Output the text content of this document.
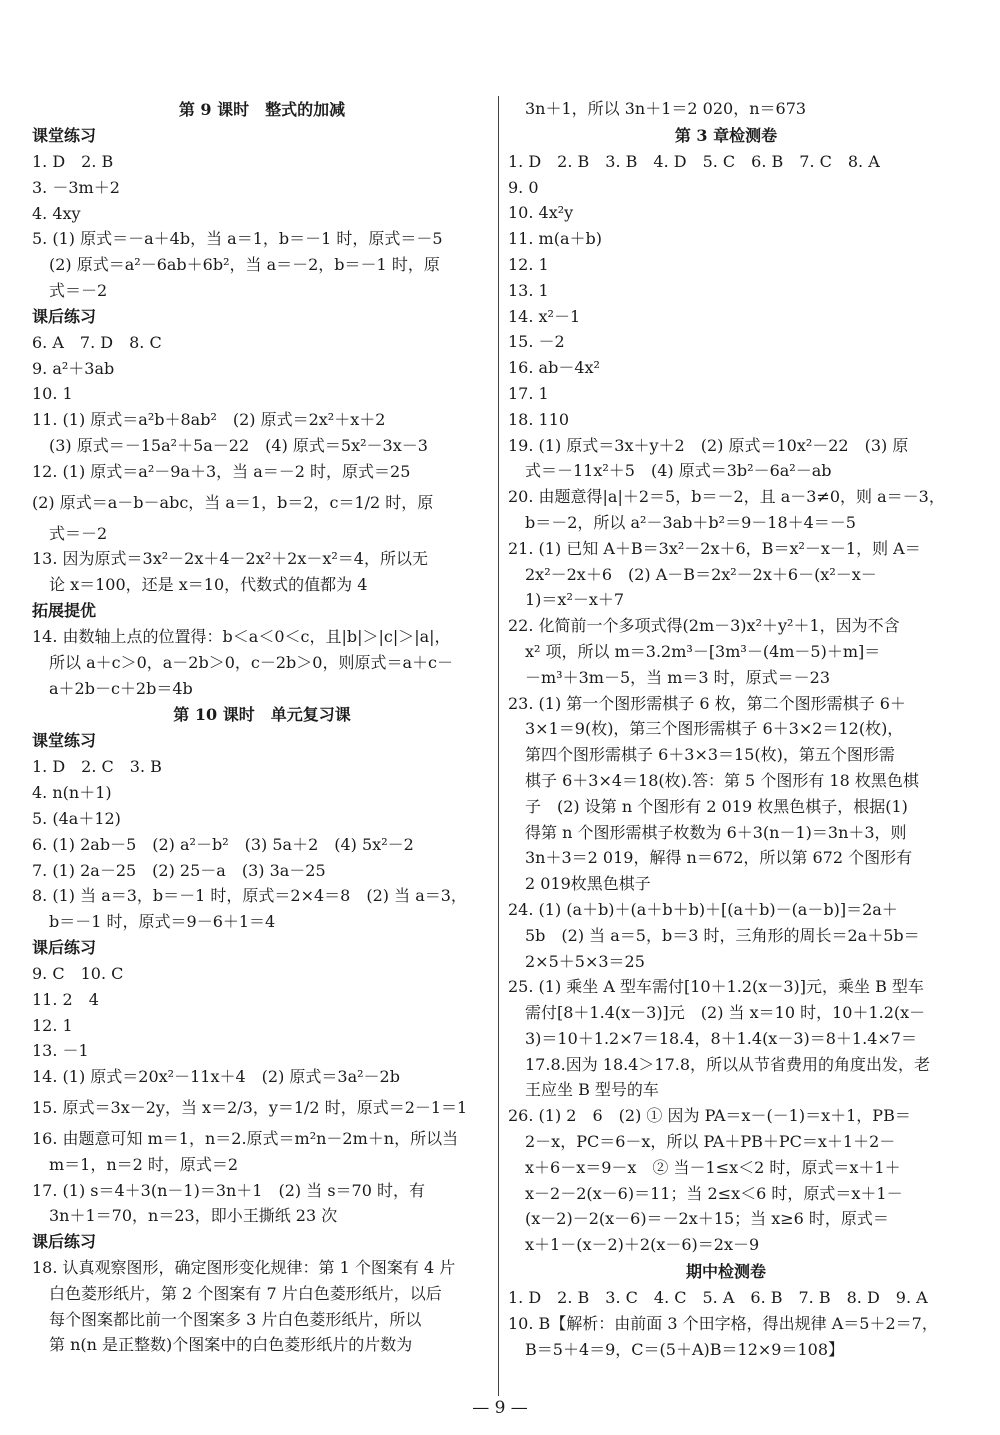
第 9 课时　整式的加减
课堂练习
1. D　2. B
3. －3m＋2
4. 4xy
5. (1) 原式＝－a＋4b，当 a＝1，b＝－1 时，原式＝－5
(2) 原式＝a²－6ab＋6b²，当 a＝－2，b＝－1 时，原
式＝－2
课后练习
6. A　7. D　8. C
9. a²＋3ab
10. 1
11. (1) 原式＝a²b＋8ab²　(2) 原式＝2x²＋x＋2
(3) 原式＝－15a²＋5a－22　(4) 原式＝5x²－3x－3
12. (1) 原式＝a²－9a＋3，当 a＝－2 时，原式＝25
(2) 原式＝a－b－abc，当 a＝1，b＝2，c＝1/2 时，原
式＝－2
13. 因为原式＝3x²－2x＋4－2x²＋2x－x²＝4，所以无
论 x＝100，还是 x＝10，代数式的值都为 4
拓展提优
14. 由数轴上点的位置得：b＜a＜0＜c，且|b|＞|c|＞|a|，
所以 a＋c＞0，a－2b＞0，c－2b＞0，则原式＝a＋c－
a＋2b－c＋2b＝4b
第 10 课时　单元复习课
课堂练习
1. D　2. C　3. B
4. n(n＋1)
5. (4a＋12)
6. (1) 2ab－5　(2) a²－b²　(3) 5a＋2　(4) 5x²－2
7. (1) 2a－25　(2) 25－a　(3) 3a－25
8. (1) 当 a＝3，b＝－1 时，原式＝2×4＝8　(2) 当 a＝3，
b＝－1 时，原式＝9－6＋1＝4
课后练习
9. C　10. C
11. 2　4
12. 1
13. －1
14. (1) 原式＝20x²－11x＋4　(2) 原式＝3a²－2b
15. 原式＝3x－2y，当 x＝2/3，y＝1/2 时，原式＝2－1＝1
16. 由题意可知 m＝1，n＝2.原式＝m²n－2m＋n，所以当
m＝1，n＝2 时，原式＝2
17. (1) s＝4＋3(n－1)＝3n＋1　(2) 当 s＝70 时，有
3n＋1＝70，n＝23，即小王撕纸 23 次
课后练习
18. 认真观察图形，确定图形变化规律：第 1 个图案有 4 片
白色菱形纸片，第 2 个图案有 7 片白色菱形纸片，以后
每个图案都比前一个图案多 3 片白色菱形纸片，所以
第 n(n 是正整数)个图案中的白色菱形纸片的片数为
3n＋1，所以 3n＋1＝2 020，n＝673
第 3 章检测卷
1. D　2. B　3. B　4. D　5. C　6. B　7. C　8. A
9. 0
10. 4x²y
11. m(a＋b)
12. 1
13. 1
14. x²－1
15. －2
16. ab－4x²
17. 1
18. 110
19. (1) 原式＝3x＋y＋2　(2) 原式＝10x²－22　(3) 原
式＝－11x²＋5　(4) 原式＝3b²－6a²－ab
20. 由题意得|a|＋2＝5，b＝－2，且 a－3≠0，则 a＝－3，
b＝－2，所以 a²－3ab＋b²＝9－18＋4＝－5
21. (1) 已知 A＋B＝3x²－2x＋6，B＝x²－x－1，则 A＝
2x²－2x＋6　(2) A－B＝2x²－2x＋6－(x²－x－
1)＝x²－x＋7
22. 化简前一个多项式得(2m－3)x²＋y²＋1，因为不含
x² 项，所以 m＝3.2m³－[3m³－(4m－5)＋m]＝
－m³＋3m－5，当 m＝3 时，原式＝－23
23. (1) 第一个图形需棋子 6 枚，第二个图形需棋子 6＋
3×1＝9(枚)，第三个图形需棋子 6＋3×2＝12(枚)，
第四个图形需棋子 6＋3×3＝15(枚)，第五个图形需
棋子 6＋3×4＝18(枚).答：第 5 个图形有 18 枚黑色棋
子　(2) 设第 n 个图形有 2 019 枚黑色棋子，根据(1)
得第 n 个图形需棋子枚数为 6＋3(n－1)＝3n＋3，则
3n＋3＝2 019，解得 n＝672，所以第 672 个图形有
2 019枚黑色棋子
24. (1) (a＋b)＋(a＋b＋b)＋[(a＋b)－(a－b)]＝2a＋
5b　(2) 当 a＝5，b＝3 时，三角形的周长＝2a＋5b＝
2×5＋5×3＝25
25. (1) 乘坐 A 型车需付[10＋1.2(x－3)]元，乘坐 B 型车
需付[8＋1.4(x－3)]元　(2) 当 x＝10 时，10＋1.2(x－
3)＝10＋1.2×7＝18.4，8＋1.4(x－3)＝8＋1.4×7＝
17.8.因为 18.4＞17.8，所以从节省费用的角度出发，老
王应坐 B 型号的车
26. (1) 2　6　(2) ① 因为 PA＝x－(－1)＝x＋1，PB＝
2－x，PC＝6－x，所以 PA＋PB＋PC＝x＋1＋2－
x＋6－x＝9－x　② 当－1≤x＜2 时，原式＝x＋1＋
x－2－2(x－6)＝11；当 2≤x＜6 时，原式＝x＋1－
(x－2)－2(x－6)＝－2x＋15；当 x≥6 时，原式＝
x＋1－(x－2)＋2(x－6)＝2x－9
期中检测卷
1. D　2. B　3. C　4. C　5. A　6. B　7. B　8. D　9. A
10. B【解析：由前面 3 个田字格，得出规律 A＝5＋2＝7，
B＝5＋4＝9，C＝(5＋A)B＝12×9＝108】
— 9 —
